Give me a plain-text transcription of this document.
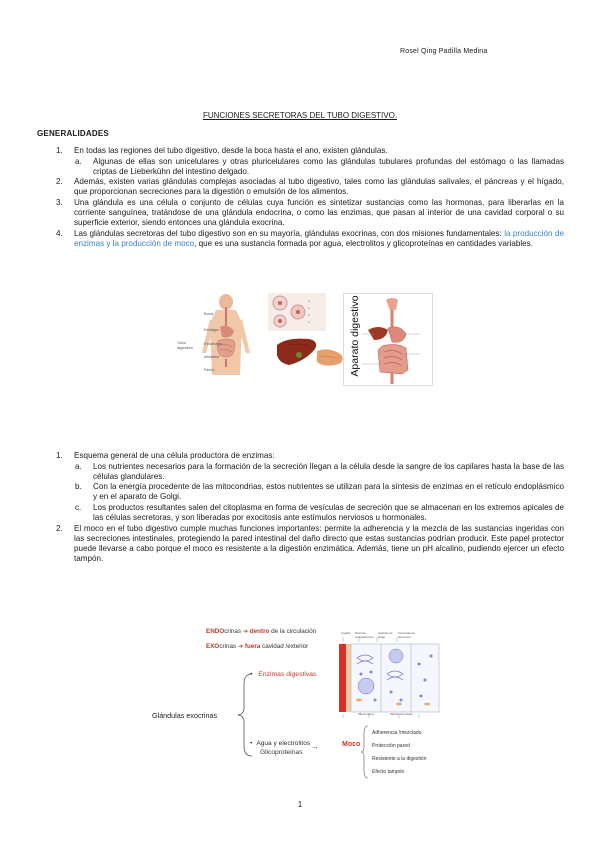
Rosel Qing Padilla Medina
FUNCIONES SECRETORAS DEL TUBO DIGESTIVO.
GENERALIDADES
1. En todas las regiones del tubo digestivo, desde la boca hasta el ano, existen glándulas.
a. Algunas de ellas son unicelulares y otras pluricelulares como las glándulas tubulares profundas del estómago o las llamadas criptas de Lieberkühn del intestino delgado.
2. Además, existen varias glándulas complejas asociadas al tubo digestivo, tales como las glándulas salivales, el páncreas y el hígado, que proporcionan secreciones para la digestión o emulsión de los alimentos.
3. Una glándula es una célula o conjunto de células cuya función es sintetizar sustancias como las hormonas, para liberarlas en la corriente sanguínea, tratándose de una glándula endocrina, o como las enzimas, que pasan al interior de una cavidad corporal o su superficie exterior, siendo entonces una glándula exocrina.
4. Las glándulas secretoras del tubo digestivo son en su mayoría, glándulas exocrinas, con dos misiones fundamentales: la producción de enzimas y la producción de moco, que es una sustancia formada por agua, electrolitos y glicoproteínas en cantidades variables.
Boca
Esófago
Estómago
Intestino
Recto
Tubo digestivo
●
●
●
●	Aparato digestivo
1. Esquema general de una célula productora de enzimas:
a. Los nutrientes necesarios para la formación de la secreción llegan a la célula desde la sangre de los capilares hasta la base de las células glandulares.
b. Con la energía procedente de las mitocondrias, estos nutrientes se utilizan para la síntesis de enzimas en el retículo endoplásmico y en el aparato de Golgi.
c. Los productos resultantes salen del citoplasma en forma de vesículas de secreción que se almacenan en los extremos apicales de las células secretoras, y son liberadas por exocitosis ante estímulos nerviosos u hormonales.
2. El moco en el tubo digestivo cumple muchas funciones importantes: permite la adherencia y la mezcla de las sustancias ingeridas con las secreciones intestinales, protegiendo la pared intestinal del daño directo que estas sustancias podrían producir. Este papel protector puede llevarse a cabo porque el moco es resistente a la digestión enzimática. Además, tiene un pH alcalino, pudiendo ejercer un efecto tampón.
ENDOcrinas ➔ dentro de la circulación
EXOcrinas ➔ fuera cavidad /exterior
Glándulas exocrinas
• Enzimas digestivas
• Agua y electrolitos
Glicoproteínas
→	Moco
Adherencia /mezclado
Protección pared
Resistente a la digestión
Efecto tampón
Capilar Retículo endoplásmico
Aparato de Golgi
Vesículas de secreción
Mitocondria	Membrana basal
1
